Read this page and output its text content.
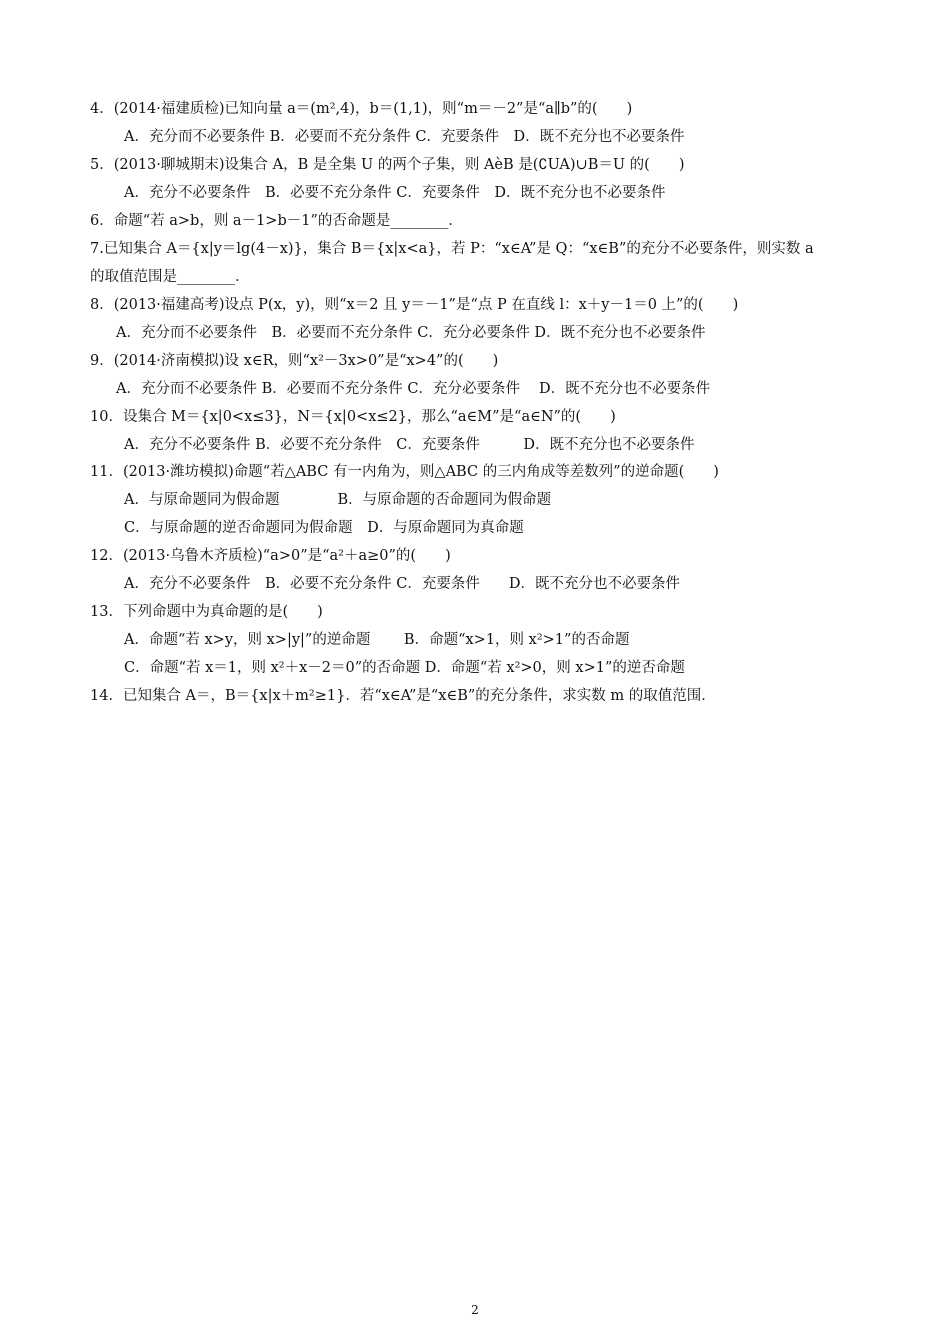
4．(2014·福建质检)已知向量 a＝(m²,4)，b＝(1,1)，则“m＝－2”是“a∥b”的(　　)
A．充分而不必要条件 B．必要而不充分条件 C．充要条件　D．既不充分也不必要条件
5．(2013·聊城期末)设集合 A，B 是全集 U 的两个子集，则 AèB 是(∁UA)∪B＝U 的(　　)
A．充分不必要条件　B．必要不充分条件 C．充要条件　D．既不充分也不必要条件
6．命题“若 a>b，则 a－1>b－1”的否命题是________．
7.已知集合 A＝{x|y＝lg(4－x)}，集合 B＝{x|x<a}，若 P：“x∈A”是 Q：“x∈B”的充分不必要条件，则实数 a
的取值范围是________．
8．(2013·福建高考)设点 P(x，y)，则“x＝2 且 y＝－1”是“点 P 在直线 l：x＋y－1＝0 上”的(　　)
A．充分而不必要条件　B．必要而不充分条件 C．充分必要条件 D．既不充分也不必要条件
9．(2014·济南模拟)设 x∈R，则“x²－3x>0”是“x>4”的(　　)
A．充分而不必要条件 B．必要而不充分条件 C．充分必要条件　 D．既不充分也不必要条件
10．设集合 M＝{x|0<x≤3}，N＝{x|0<x≤2}，那么“a∈M”是“a∈N”的(　　)
A．充分不必要条件 B．必要不充分条件　C．充要条件　　　D．既不充分也不必要条件
11．(2013·潍坊模拟)命题“若△ABC 有一内角为，则△ABC 的三内角成等差数列”的逆命题(　　)
A．与原命题同为假命题　　　　B．与原命题的否命题同为假命题
C．与原命题的逆否命题同为假命题　D．与原命题同为真命题
12．(2013·乌鲁木齐质检)“a>0”是“a²＋a≥0”的(　　)
A．充分不必要条件　B．必要不充分条件 C．充要条件　　D．既不充分也不必要条件
13．下列命题中为真命题的是(　　)
A．命题“若 x>y，则 x>|y|”的逆命题　　 B．命题“x>1，则 x²>1”的否命题
C．命题“若 x＝1，则 x²＋x－2＝0”的否命题 D．命题“若 x²>0，则 x>1”的逆否命题
14．已知集合 A＝，B＝{x|x＋m²≥1}．若“x∈A”是“x∈B”的充分条件，求实数 m 的取值范围．
2
